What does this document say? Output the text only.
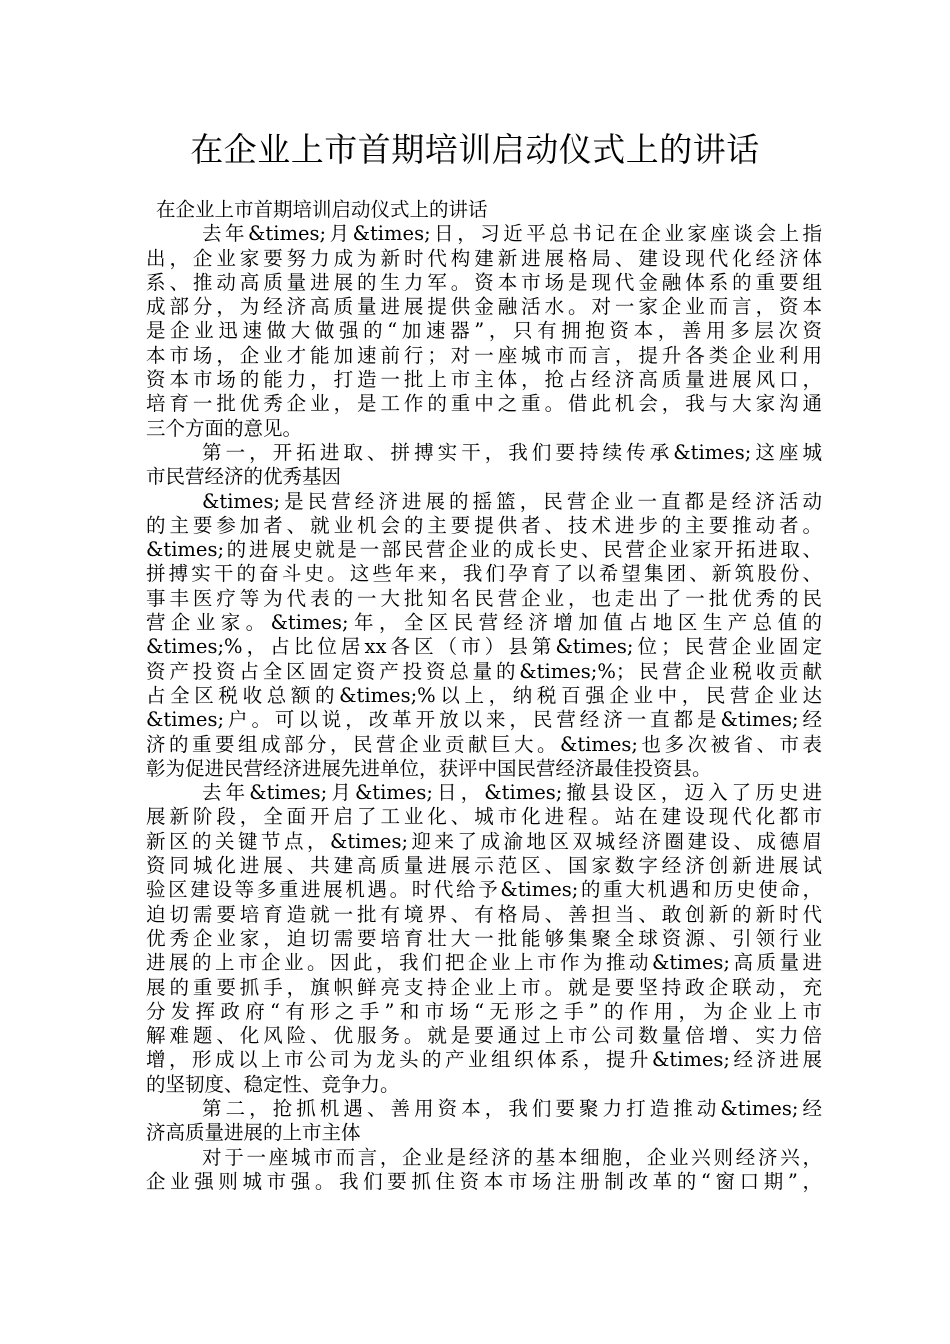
在企业上市首期培训启动仪式上的讲话
在企业上市首期培训启动仪式上的讲话
去年&times;月&times;日，习近平总书记在企业家座谈会上指
出，企业家要努力成为新时代构建新进展格局、建设现代化经济体
系、推动高质量进展的生力军。资本市场是现代金融体系的重要组
成部分，为经济高质量进展提供金融活水。对一家企业而言，资本
是企业迅速做大做强的“加速器”，只有拥抱资本，善用多层次资
本市场，企业才能加速前行；对一座城市而言，提升各类企业利用
资本市场的能力，打造一批上市主体，抢占经济高质量进展风口，
培育一批优秀企业，是工作的重中之重。借此机会，我与大家沟通
三个方面的意见。
第一，开拓进取、拼搏实干，我们要持续传承&times;这座城
市民营经济的优秀基因
&times;是民营经济进展的摇篮，民营企业一直都是经济活动
的主要参加者、就业机会的主要提供者、技术进步的主要推动者。
&times;的进展史就是一部民营企业的成长史、民营企业家开拓进取、
拼搏实干的奋斗史。这些年来，我们孕育了以希望集团、新筑股份、
事丰医疗等为代表的一大批知名民营企业，也走出了一批优秀的民
营企业家。&times;年，全区民营经济增加值占地区生产总值的
&times;%，占比位居xx各区（市）县第&times;位；民营企业固定
资产投资占全区固定资产投资总量的&times;%；民营企业税收贡献
占全区税收总额的&times;%以上，纳税百强企业中，民营企业达
&times;户。可以说，改革开放以来，民营经济一直都是&times;经
济的重要组成部分，民营企业贡献巨大。&times;也多次被省、市表
彰为促进民营经济进展先进单位，获评中国民营经济最佳投资县。
去年&times;月&times;日，&times;撤县设区，迈入了历史进
展新阶段，全面开启了工业化、城市化进程。站在建设现代化都市
新区的关键节点，&times;迎来了成渝地区双城经济圈建设、成德眉
资同城化进展、共建高质量进展示范区、国家数字经济创新进展试
验区建设等多重进展机遇。时代给予&times;的重大机遇和历史使命，
迫切需要培育造就一批有境界、有格局、善担当、敢创新的新时代
优秀企业家，迫切需要培育壮大一批能够集聚全球资源、引领行业
进展的上市企业。因此，我们把企业上市作为推动&times;高质量进
展的重要抓手，旗帜鲜亮支持企业上市。就是要坚持政企联动，充
分发挥政府“有形之手”和市场“无形之手”的作用，为企业上市
解难题、化风险、优服务。就是要通过上市公司数量倍增、实力倍
增，形成以上市公司为龙头的产业组织体系，提升&times;经济进展
的坚韧度、稳定性、竞争力。
第二，抢抓机遇、善用资本，我们要聚力打造推动&times;经
济高质量进展的上市主体
对于一座城市而言，企业是经济的基本细胞，企业兴则经济兴，
企业强则城市强。我们要抓住资本市场注册制改革的“窗口期”，
